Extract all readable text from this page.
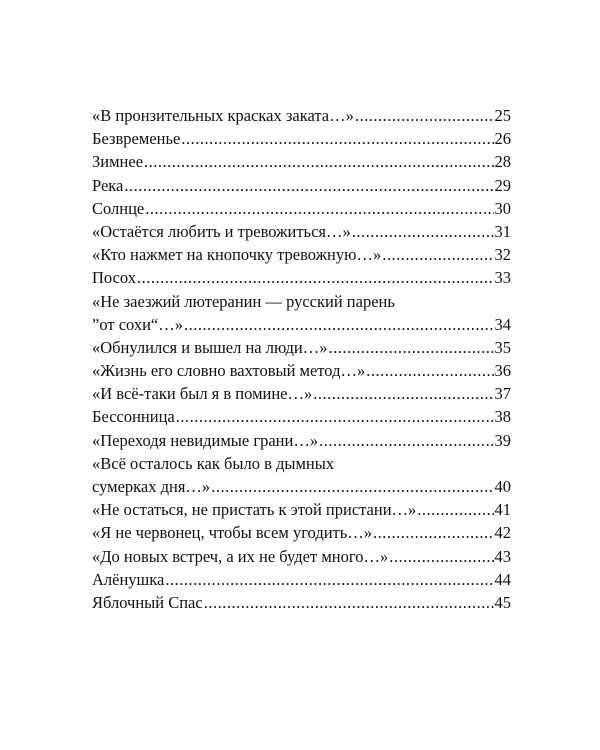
«В пронзительных красках заката…» .....	25
Безвременье .....	26
Зимнее .....	28
Река .....	29
Солнце .....	30
«Остаётся любить и тревожиться…» .....	31
«Кто нажмет на кнопочку тревожную…» .....	32
Посох .....	33
«Не заезжий лютеранин — русский парень
”от сохи“…» .....	34
«Обнулился и вышел на люди…» .....	35
«Жизнь его словно вахтовый метод…» .....	36
«И всё-таки был я в помине…» .....	37
Бессонница .....	38
«Переходя невидимые грани…» .....	39
«Всё осталось как было в дымных
сумерках дня…» .....	40
«Не остаться, не пристать к этой пристани…» .....	41
«Я не червонец, чтобы всем угодить…» .....	42
«До новых встреч, а их не будет много…» .....	43
Алёнушка .....	44
Яблочный Спас .....	45
